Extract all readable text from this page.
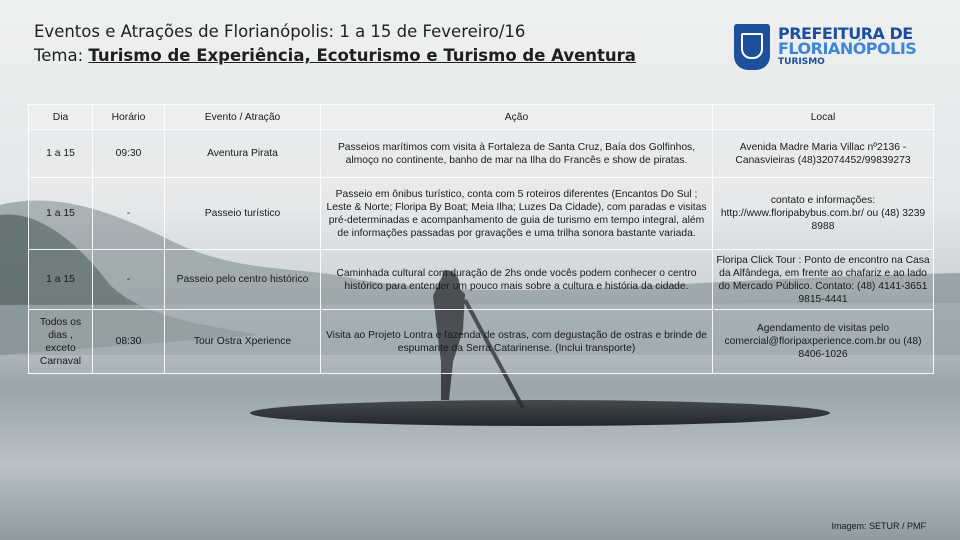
Eventos e Atrações de Florianópolis: 1 a 15 de Fevereiro/16
Tema: Turismo de Experiência, Ecoturismo e Turismo de Aventura
PREFEITURA DE
FLORIANÓPOLIS
TURISMO
Dia	Horário	Evento / Atração	Ação	Local
1 a 15	09:30	Aventura Pirata	Passeios marítimos com visita à Fortaleza de Santa Cruz, Baía dos Golfinhos, almoço no continente, banho de mar na Ilha do Francês e show de piratas.	Avenida Madre Maria Villac nº2136 - Canasvieiras (48)32074452/99839273
1 a 15	-	Passeio turístico	Passeio em ônibus turístico, conta com 5 roteiros diferentes (Encantos Do Sul ; Leste & Norte; Floripa By Boat; Meia Ilha; Luzes Da Cidade), com paradas e visitas pré-determinadas e acompanhamento de guia de turismo em tempo integral, além de informações passadas por gravações e uma trilha sonora bastante variada.	contato e informações: http://www.floripabybus.com.br/ ou (48) 3239 8988
1 a 15	-	Passeio pelo centro histórico	Caminhada cultural com duração de 2hs onde vocês podem conhecer o centro histórico para entender um pouco mais sobre a cultura e história da cidade.	Floripa Click Tour : Ponto de encontro na Casa da Alfândega, em frente ao chafariz e ao lado do Mercado Público. Contato: (48) 4141-3651 9815-4441
Todos os dias , exceto Carnaval	08:30	Tour Ostra Xperience	Visita ao Projeto Lontra e fazenda de ostras, com degustação de ostras e brinde de espumante da Serra Catarinense. (Inclui transporte)	Agendamento de visitas pelo comercial@floripaxperience.com.br ou (48) 8406-1026
Imagem: SETUR / PMF
